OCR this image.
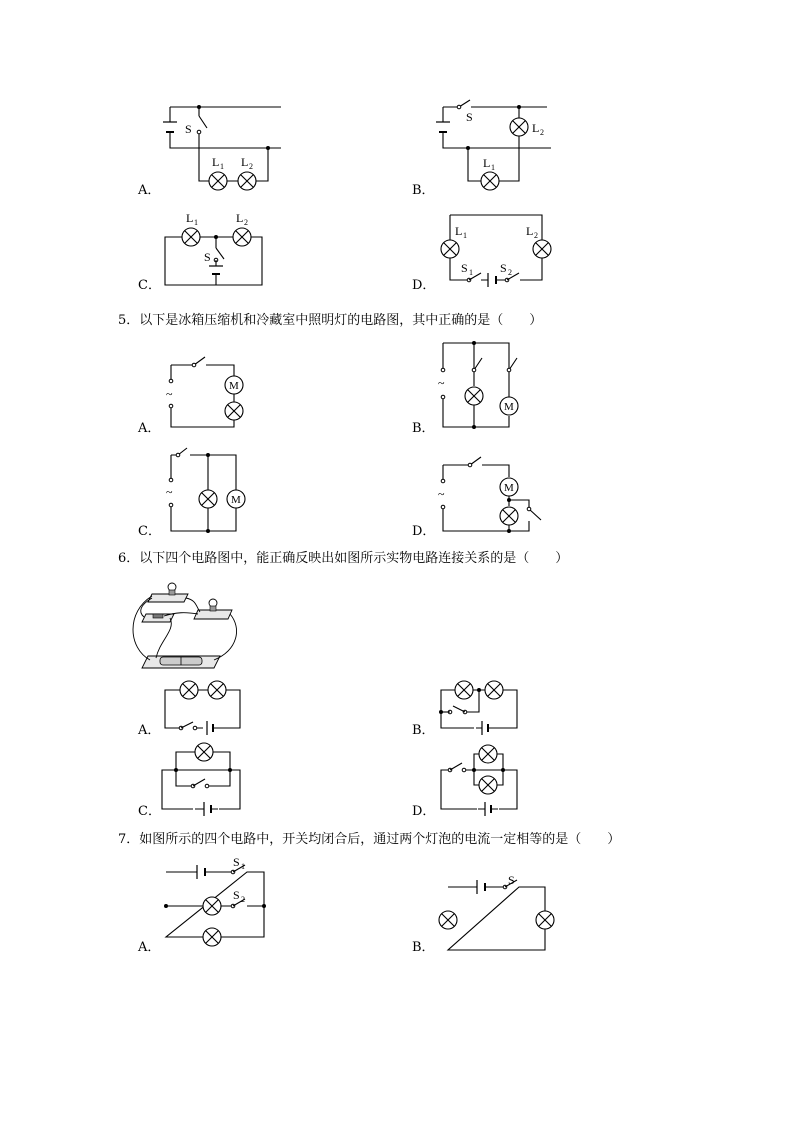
5．以下是冰箱压缩机和冷藏室中照明灯的电路图，其中正确的是（　　）
6．以下四个电路图中，能正确反映出如图所示实物电路连接关系的是（　　）
7．如图所示的四个电路中，开关均闭合后，通过两个灯泡的电流一定相等的是（　　）
A．	B．
C．	D．
A．	B．
C．	D．
A．	B．
C．	D．
A．	B．
S
L 1 L 2
S
L 2
L 1
S
L 1	L 2
L 1	L 2
S 1 S 2
~
M	~
M
~
M	~	M
S 1
S 2
S
